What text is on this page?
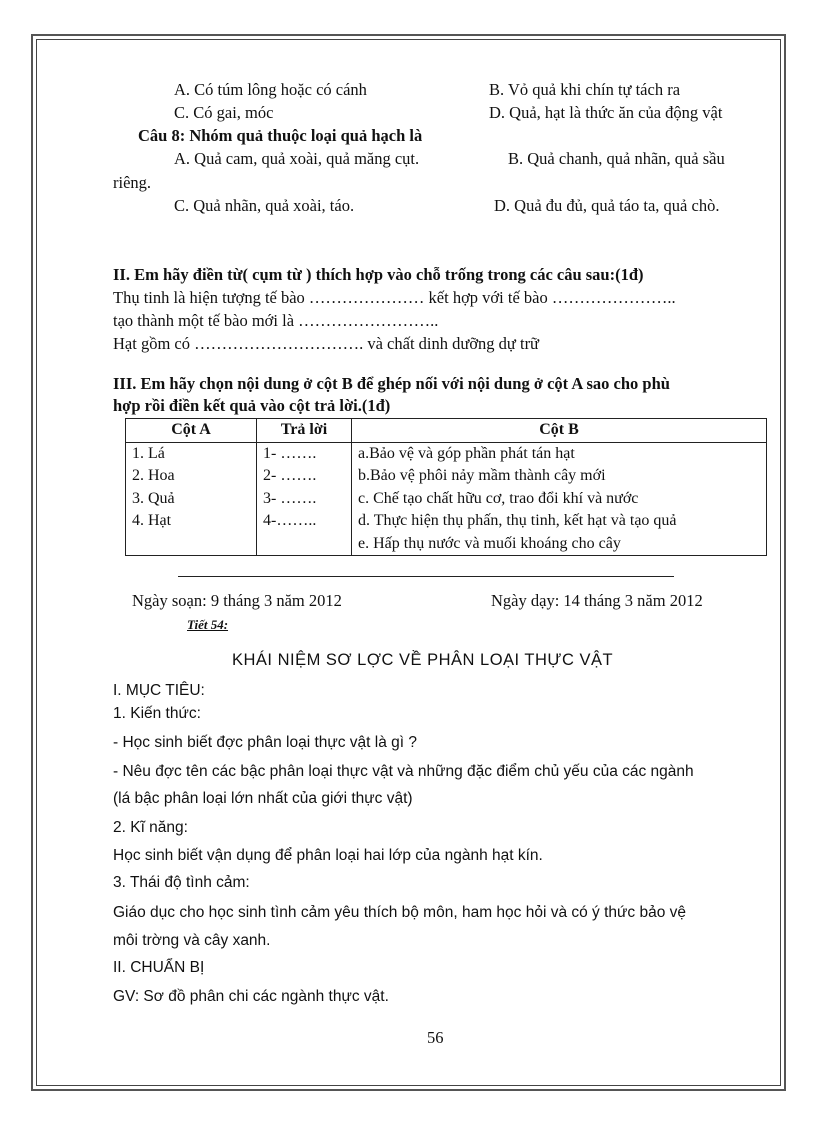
A. Có túm lông hoặc có cánh	B. Vỏ quả khi chín tự tách ra
C. Có gai, móc	D. Quả, hạt là thức ăn của động vật
Câu 8: Nhóm quả thuộc loại quả hạch là
A. Quả cam, quả xoài, quả măng cụt.	B. Quả chanh, quả nhãn, quả sầu
riêng.
C. Quả nhãn, quả xoài, táo.	D. Quả đu đủ, quả táo ta, quả chò.
II. Em hãy điền từ( cụm từ ) thích hợp vào chỗ trống trong các câu sau:(1đ)
Thụ tinh là hiện tượng tế bào ………………… kết hợp với tế bào …………………..
tạo thành một tế bào mới là ……………………..
Hạt gồm có …………………………. và chất dinh dưỡng dự trữ
III. Em hãy chọn nội dung ở cột B để ghép nối với nội dung ở cột A sao cho phù
hợp rồi điền kết quả vào cột trả lời.(1đ)
Cột A	Trả lời	Cột B
1. Lá	1- …….	a.Bảo vệ và góp phần phát tán hạt
2. Hoa	2- …….	b.Bảo vệ phôi nảy mầm thành cây mới
3. Quả	3- …….	c. Chế tạo chất hữu cơ, trao đổi khí và nước
4. Hạt	4-……..	d. Thực hiện thụ phấn, thụ tinh, kết hạt và tạo quả
		e. Hấp thụ nước và muối khoáng cho cây
Ngày soạn: 9 tháng 3 năm 2012	Ngày dạy: 14 tháng 3 năm 2012
Tiết 54:
KHÁI NIỆM SƠ LỢC VỀ PHÂN LOẠI THỰC VẬT
I. MỤC TIÊU:
1. Kiến thức:
- Học sinh biết đợc phân loại thực vật là gì ?
- Nêu đợc tên các bậc phân loại thực vật và những đặc điểm chủ yếu của các ngành
(lá bậc phân loại lớn nhất của giới thực vật)
2. Kĩ năng:
Học sinh biết vận dụng để phân loại hai lớp của ngành hạt kín.
3. Thái độ tình cảm:
Giáo dục cho học sinh tình cảm yêu thích bộ môn, ham học hỏi và có ý thức bảo vệ
môi trờng và cây xanh.
II. CHUẨN BỊ
GV: Sơ đồ phân chi các ngành thực vật.
56
